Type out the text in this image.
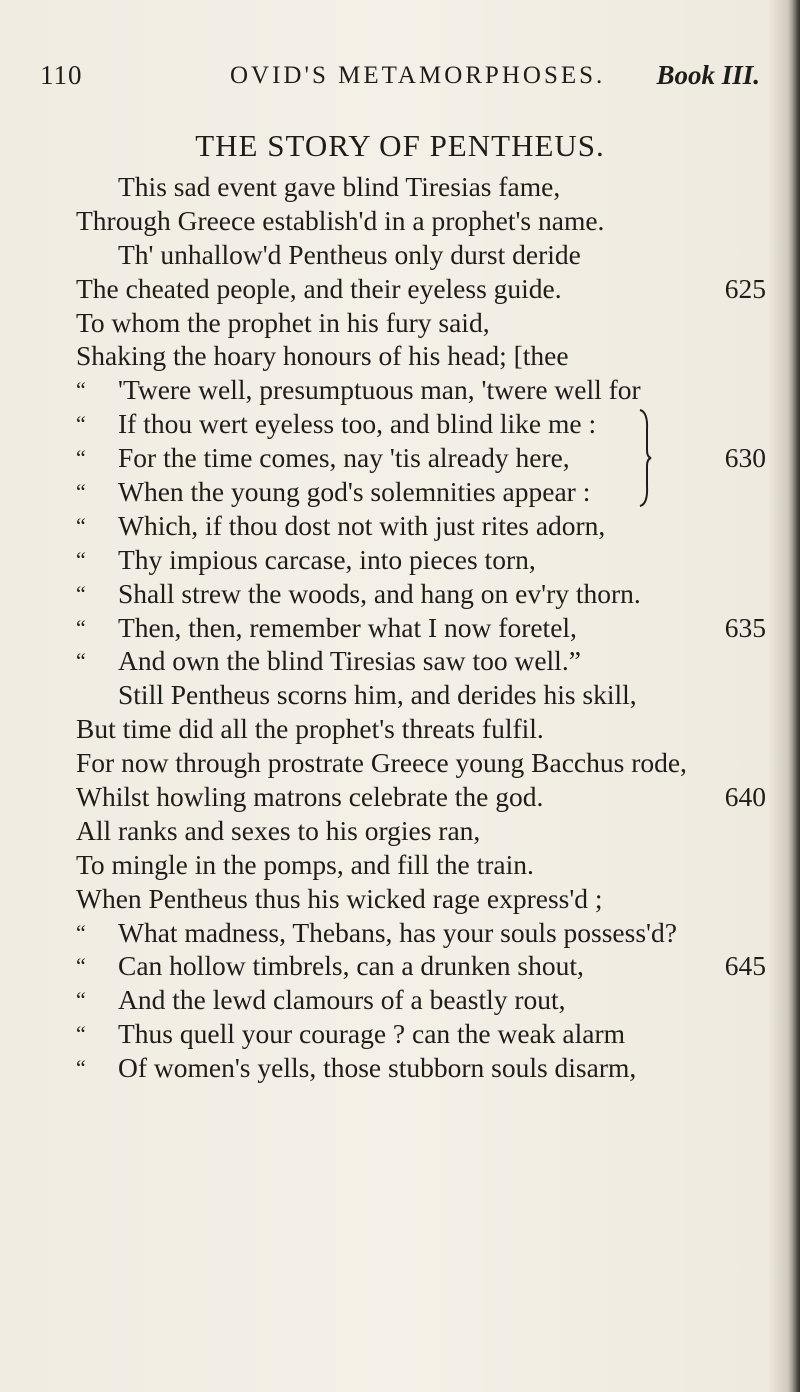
110	OVID'S METAMORPHOSES. Book III.
THE STORY OF PENTHEUS.
This sad event gave blind Tiresias fame,
Through Greece establish'd in a prophet's name.
Th' unhallow'd Pentheus only durst deride
The cheated people, and their eyeless guide.	625
To whom the prophet in his fury said,
Shaking the hoary honours of his head; [thee
“ 'Twere well, presumptuous man, 'twere well for
“ If thou wert eyeless too, and blind like me :
“ For the time comes, nay 'tis already here,	630
“ When the young god's solemnities appear :
“ Which, if thou dost not with just rites adorn,
“ Thy impious carcase, into pieces torn,
“ Shall strew the woods, and hang on ev'ry thorn.
“ Then, then, remember what I now foretel,	635
“ And own the blind Tiresias saw too well.”
Still Pentheus scorns him, and derides his skill,
But time did all the prophet's threats fulfil.
For now through prostrate Greece young Bacchus rode,
Whilst howling matrons celebrate the god.	640
All ranks and sexes to his orgies ran,
To mingle in the pomps, and fill the train.
When Pentheus thus his wicked rage express'd ;
“ What madness, Thebans, has your souls possess'd?
“ Can hollow timbrels, can a drunken shout,	645
“ And the lewd clamours of a beastly rout,
“ Thus quell your courage ? can the weak alarm
“ Of women's yells, those stubborn souls disarm,
